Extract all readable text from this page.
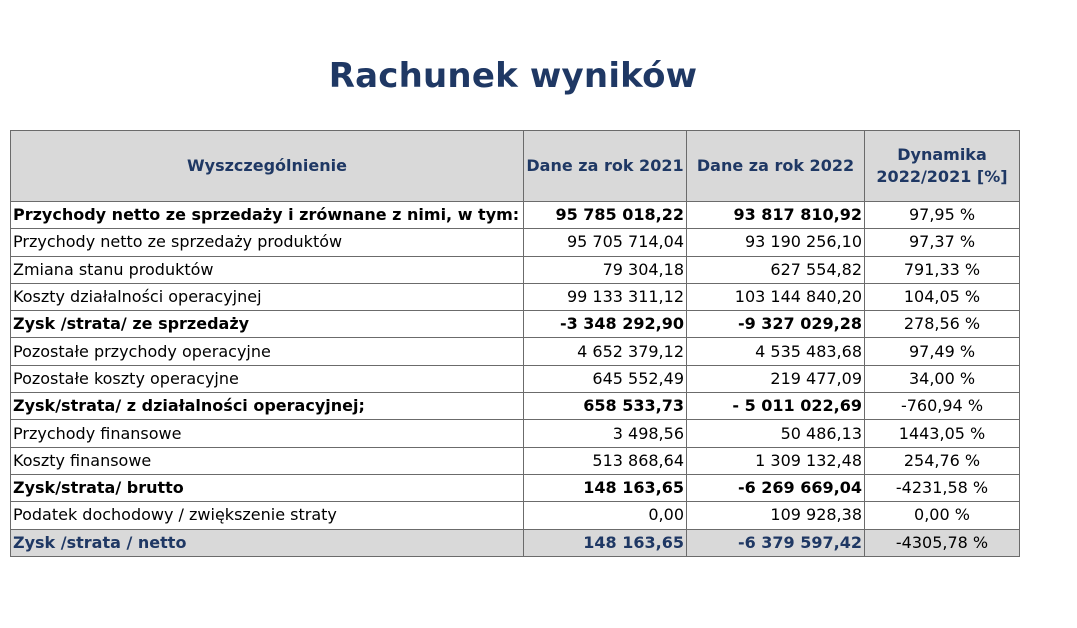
Rachunek wyników
Wyszczególnienie	Dane za rok 2021	Dane za rok 2022	Dynamika
2022/2021 [%]

Przychody netto ze sprzedaży i zrównane z nimi, w tym:	95 785 018,22	93 817 810,92	97,95 %
Przychody netto ze sprzedaży produktów	95 705 714,04	93 190 256,10	97,37 %
Zmiana stanu produktów	79 304,18	627 554,82	791,33 %
Koszty działalności operacyjnej	99 133 311,12	103 144 840,20	104,05 %
Zysk /strata/ ze sprzedaży	-3 348 292,90	-9 327 029,28	278,56 %
Pozostałe przychody operacyjne	4 652 379,12	4 535 483,68	97,49 %
Pozostałe koszty operacyjne	645 552,49	219 477,09	34,00 %
Zysk/strata/ z działalności operacyjnej;	658 533,73	- 5 011 022,69	-760,94 %
Przychody finansowe	3 498,56	50 486,13	1443,05 %
Koszty finansowe	513 868,64	1 309 132,48	254,76 %
Zysk/strata/ brutto	148 163,65	-6 269 669,04	-4231,58 %
Podatek dochodowy / zwiększenie straty	0,00	109 928,38	0,00 %
Zysk /strata / netto	148 163,65	-6 379 597,42	-4305,78 %
